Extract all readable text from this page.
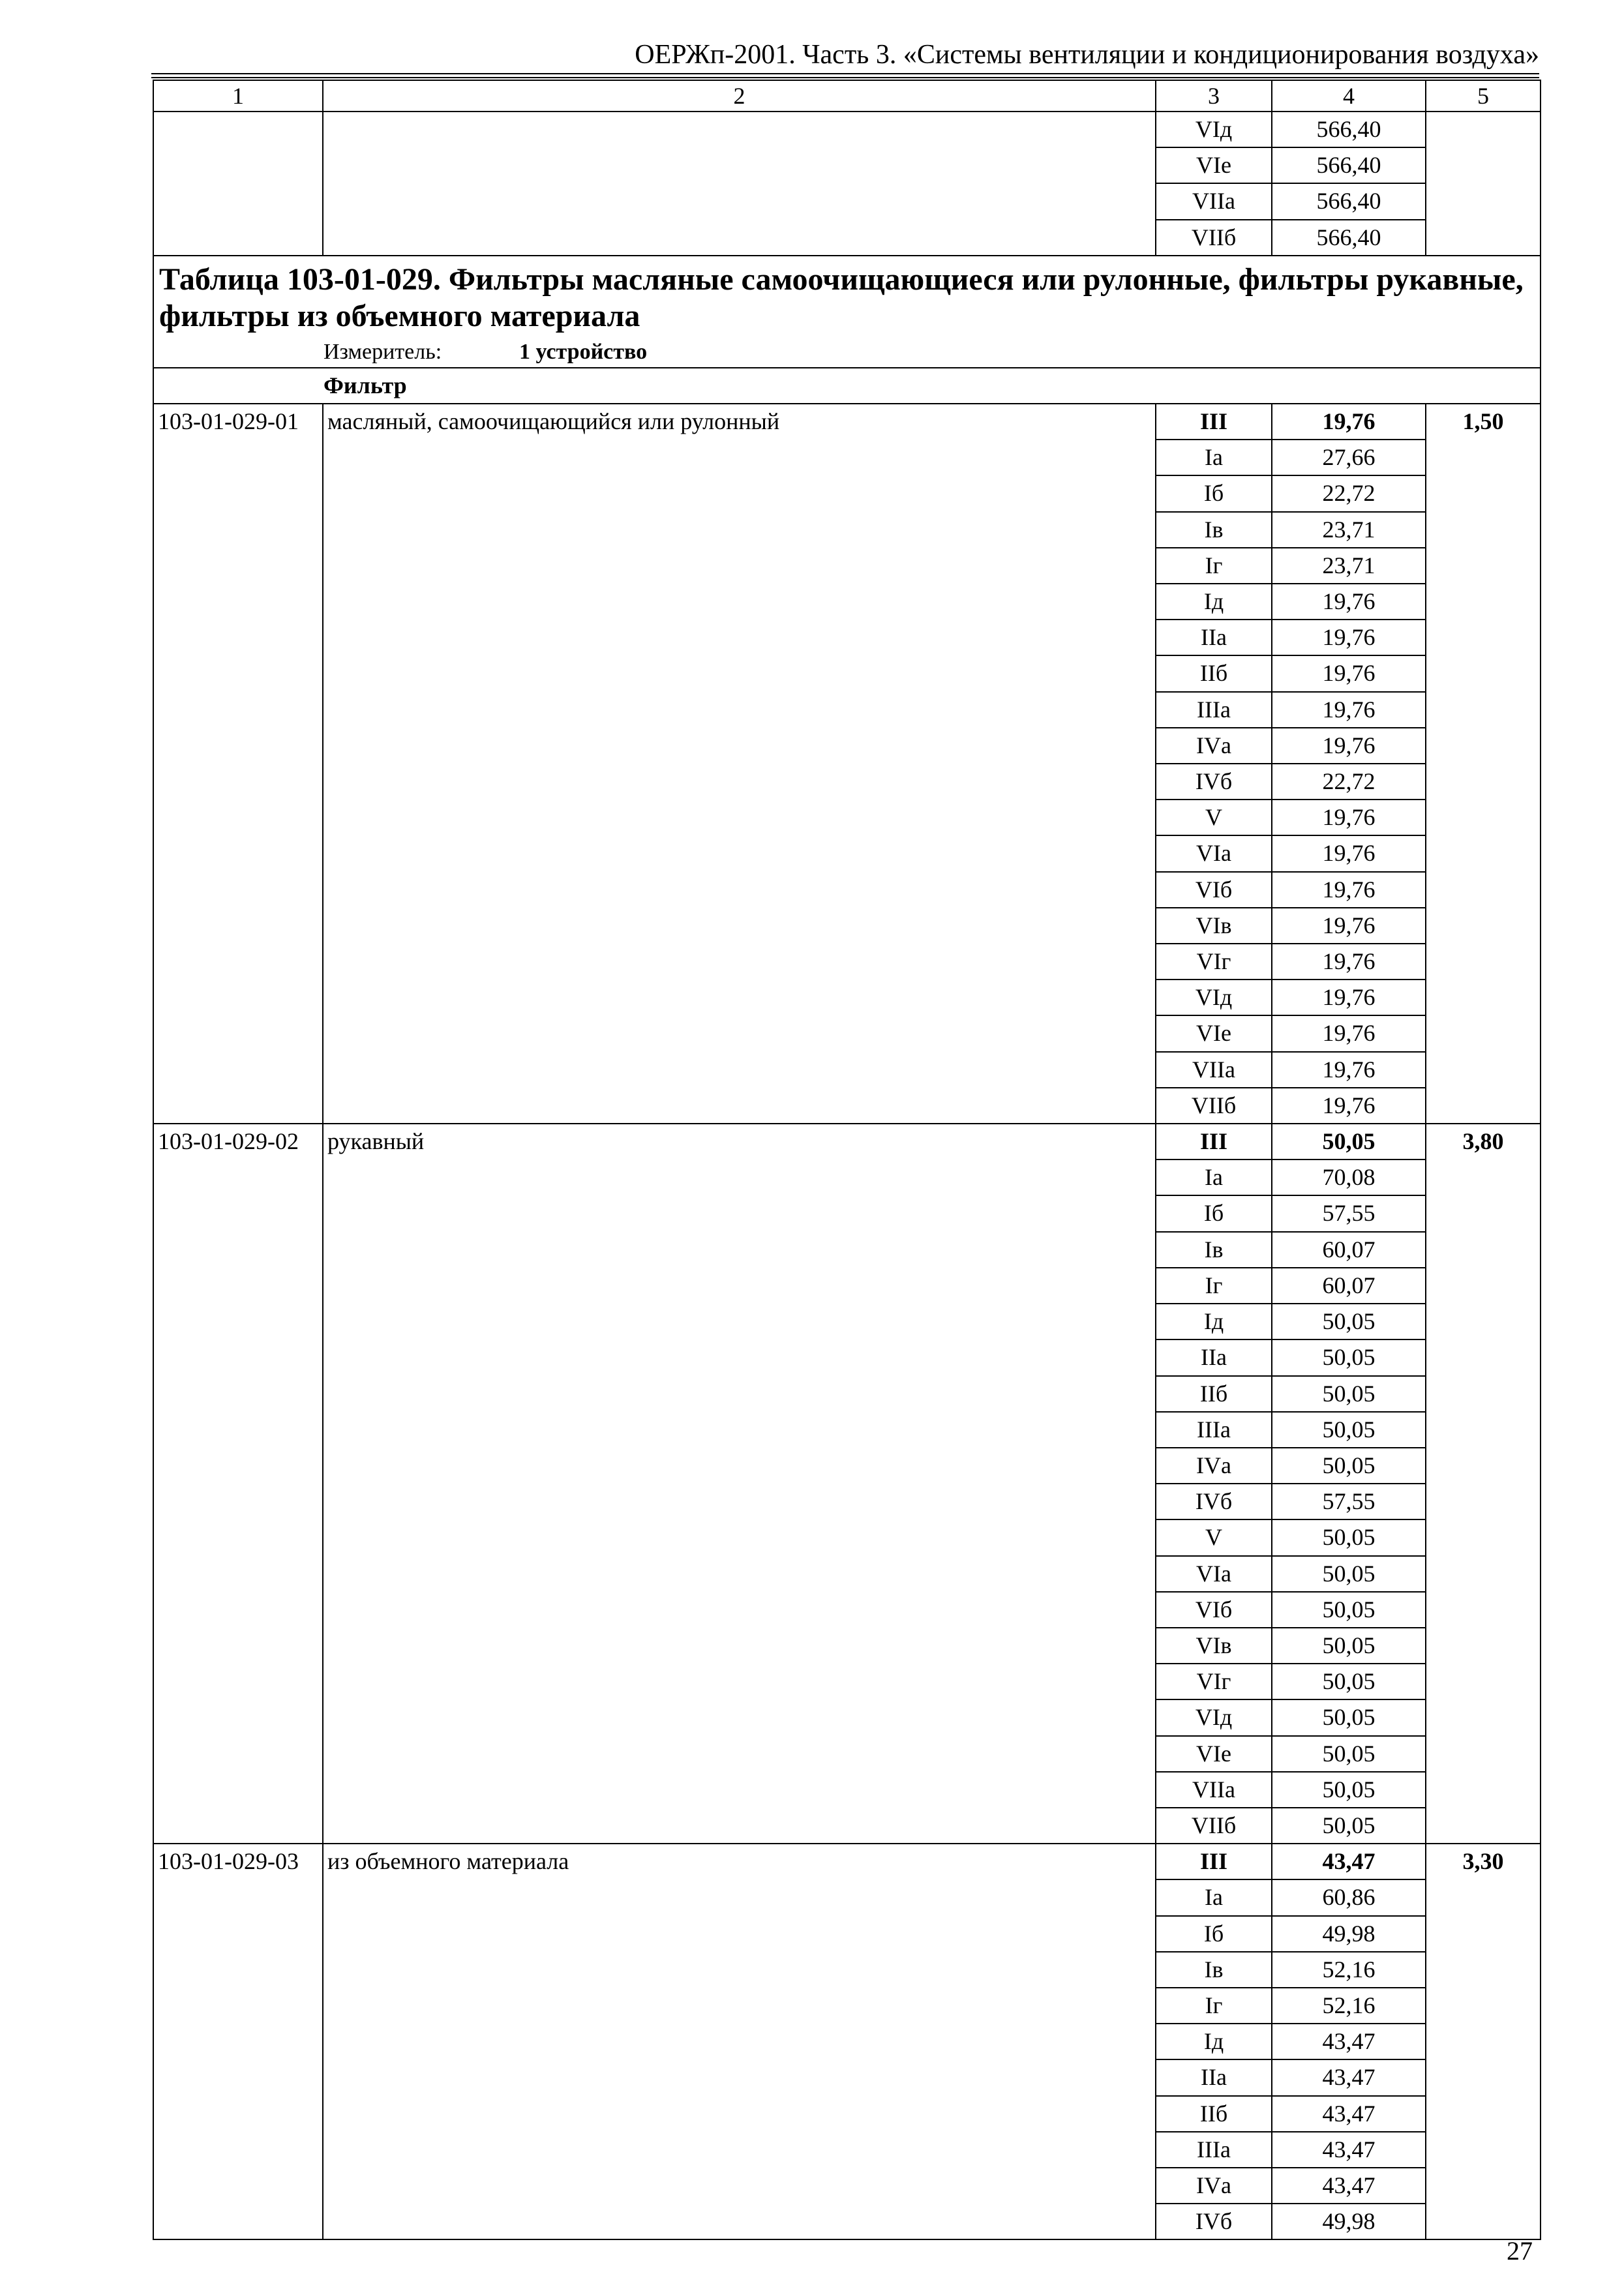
ОЕРЖп-2001. Часть 3. «Системы вентиляции и кондиционирования воздуха»
1	2	3	4	5
		VIд	566,40	
		VIе	566,40	
		VIIа	566,40	
		VIIб	566,40	

Таблица 103-01-029. Фильтры масляные самоочищающиеся или рулонные, фильтры рукавные, фильтры из объемного материала
Измеритель: 1 устройство				

Фильтр				
103-01-029-01	масляный, самоочищающийся или рулонный	III	19,76	1,50
		Iа	27,66	
		Iб	22,72	
		Iв	23,71	
		Iг	23,71	
		Iд	19,76	
		IIа	19,76	
		IIб	19,76	
		IIIа	19,76	
		IVа	19,76	
		IVб	22,72	
		V	19,76	
		VIа	19,76	
		VIб	19,76	
		VIв	19,76	
		VIг	19,76	
		VIд	19,76	
		VIе	19,76	
		VIIа	19,76	
		VIIб	19,76	
103-01-029-02	рукавный	III	50,05	3,80
		Iа	70,08	
		Iб	57,55	
		Iв	60,07	
		Iг	60,07	
		Iд	50,05	
		IIа	50,05	
		IIб	50,05	
		IIIа	50,05	
		IVа	50,05	
		IVб	57,55	
		V	50,05	
		VIа	50,05	
		VIб	50,05	
		VIв	50,05	
		VIг	50,05	
		VIд	50,05	
		VIе	50,05	
		VIIа	50,05	
		VIIб	50,05	
103-01-029-03	из объемного материала	III	43,47	3,30
		Iа	60,86	
		Iб	49,98	
		Iв	52,16	
		Iг	52,16	
		Iд	43,47	
		IIа	43,47	
		IIб	43,47	
		IIIа	43,47	
		IVа	43,47	
		IVб	49,98	
27
